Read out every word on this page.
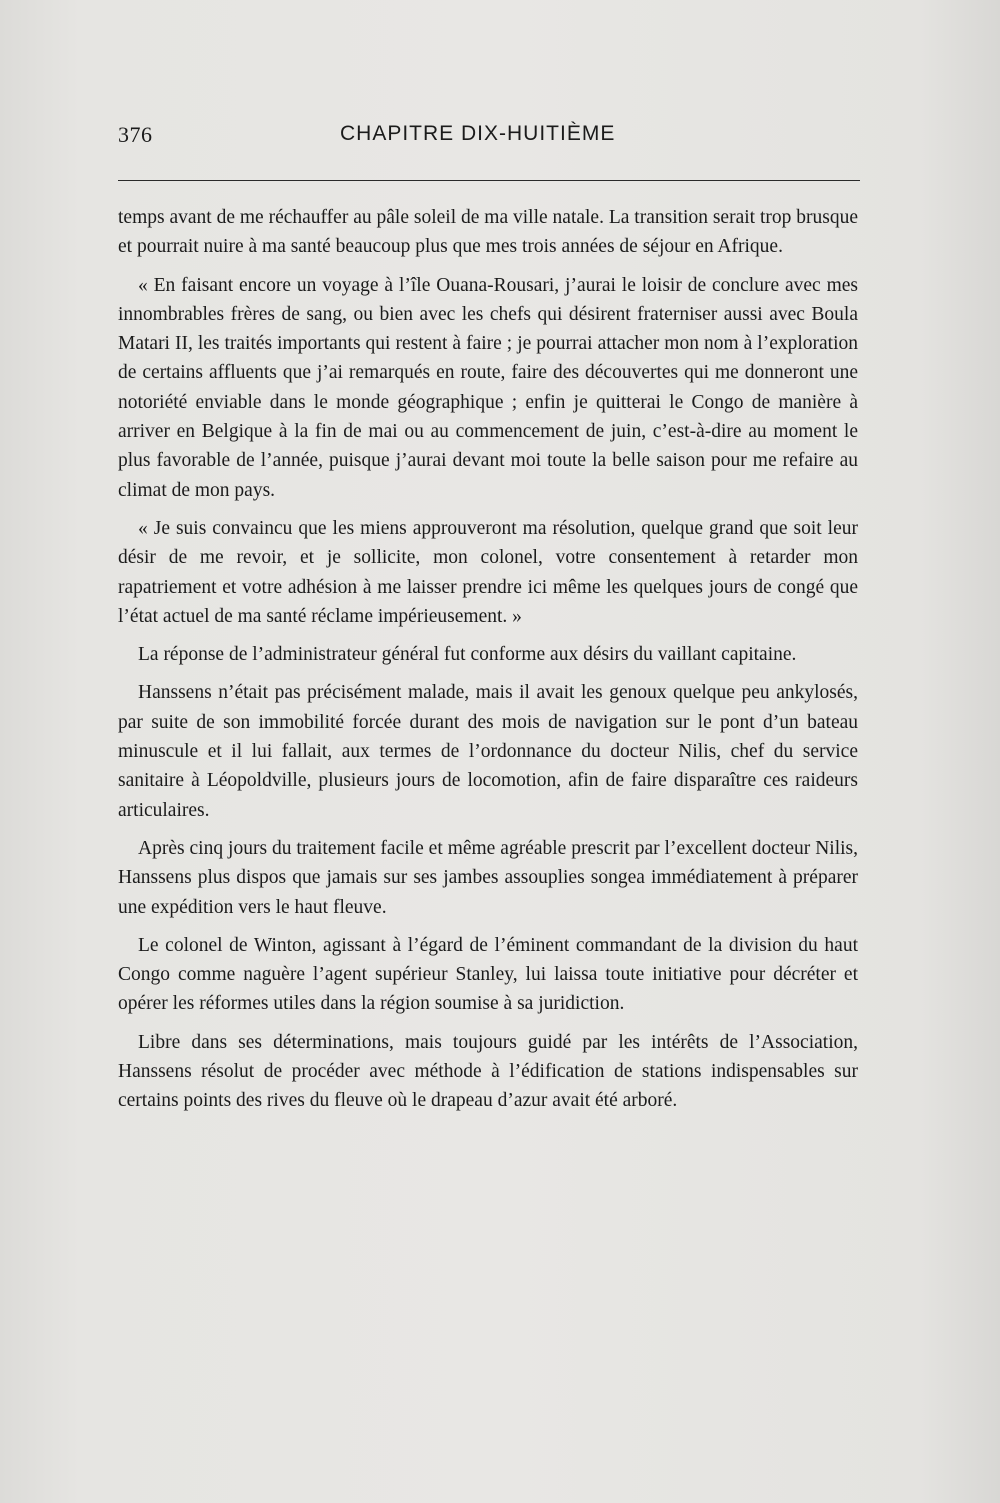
376	CHAPITRE DIX-HUITIÈME

temps avant de me réchauffer au pâle soleil de ma ville natale. La transition serait trop brusque et pourrait nuire à ma santé beaucoup plus que mes trois années de séjour en Afrique.

« En faisant encore un voyage à l’île Ouana-Rousari, j’aurai le loisir de conclure avec mes innombrables frères de sang, ou bien avec les chefs qui désirent fraterniser aussi avec Boula Matari II, les traités importants qui restent à faire ; je pourrai attacher mon nom à l’exploration de certains affluents que j’ai remarqués en route, faire des découvertes qui me donneront une notoriété enviable dans le monde géographique ; enfin je quitterai le Congo de manière à arriver en Belgique à la fin de mai ou au commencement de juin, c’est-à-dire au moment le plus favorable de l’année, puisque j’aurai devant moi toute la belle saison pour me refaire au climat de mon pays.

« Je suis convaincu que les miens approuveront ma résolution, quelque grand que soit leur désir de me revoir, et je sollicite, mon colonel, votre consentement à retarder mon rapatriement et votre adhésion à me laisser prendre ici même les quelques jours de congé que l’état actuel de ma santé réclame impérieusement. »

La réponse de l’administrateur général fut conforme aux désirs du vaillant capitaine.

Hanssens n’était pas précisément malade, mais il avait les genoux quelque peu ankylosés, par suite de son immobilité forcée durant des mois de navigation sur le pont d’un bateau minuscule et il lui fallait, aux termes de l’ordonnance du docteur Nilis, chef du service sanitaire à Léopoldville, plusieurs jours de locomotion, afin de faire disparaître ces raideurs articulaires.

Après cinq jours du traitement facile et même agréable prescrit par l’excellent docteur Nilis, Hanssens plus dispos que jamais sur ses jambes assouplies songea immédiatement à préparer une expédition vers le haut fleuve.

Le colonel de Winton, agissant à l’égard de l’éminent commandant de la division du haut Congo comme naguère l’agent supérieur Stanley, lui laissa toute initiative pour décréter et opérer les réformes utiles dans la région soumise à sa juridiction.

Libre dans ses déterminations, mais toujours guidé par les intérêts de l’Association, Hanssens résolut de procéder avec méthode à l’édification de stations indispensables sur certains points des rives du fleuve où le drapeau d’azur avait été arboré.
